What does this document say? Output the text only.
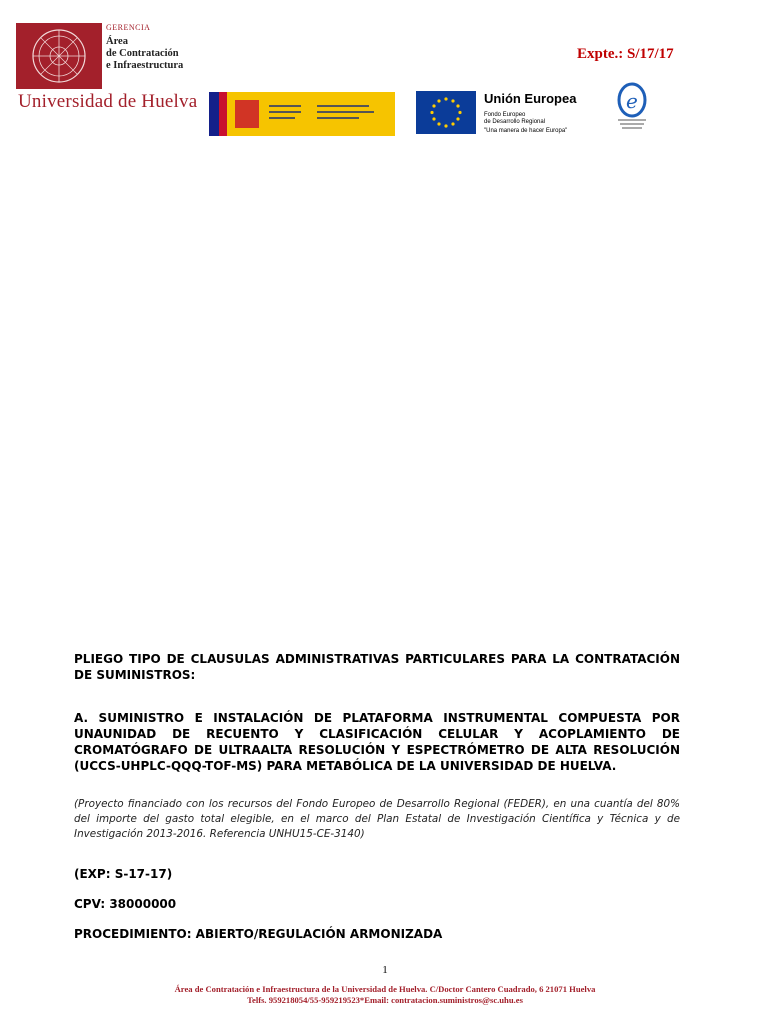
GERENCIA
Área
de Contratación
e Infraestructura
Universidad de Huelva
Expte.: S/17/17
Unión Europea
Fondo Europeo
de Desarrollo Regional
"Una manera de hacer Europa"
e
PLIEGO TIPO DE CLAUSULAS ADMINISTRATIVAS PARTICULARES PARA LA CONTRATACIÓN DE SUMINISTROS:
A. SUMINISTRO E INSTALACIÓN DE PLATAFORMA INSTRUMENTAL COMPUESTA POR UNAUNIDAD DE RECUENTO Y CLASIFICACIÓN CELULAR Y ACOPLAMIENTO DE CROMATÓGRAFO DE ULTRAALTA RESOLUCIÓN Y ESPECTRÓMETRO DE ALTA RESOLUCIÓN (UCCS-UHPLC-QQQ-TOF-MS) PARA METABÓLICA DE LA UNIVERSIDAD DE HUELVA.
(Proyecto financiado con los recursos del Fondo Europeo de Desarrollo Regional (FEDER), en una cuantía del 80% del importe del gasto total elegible, en el marco del Plan Estatal de Investigación Científica y Técnica y de Investigación 2013-2016. Referencia UNHU15-CE-3140)
(EXP: S-17-17)
CPV: 38000000
PROCEDIMIENTO: ABIERTO/REGULACIÓN ARMONIZADA
1
Área de Contratación e Infraestructura de la Universidad de Huelva. C/Doctor Cantero Cuadrado, 6 21071 Huelva
Telfs. 959218054/55-959219523*Email: contratacion.suministros@sc.uhu.es
